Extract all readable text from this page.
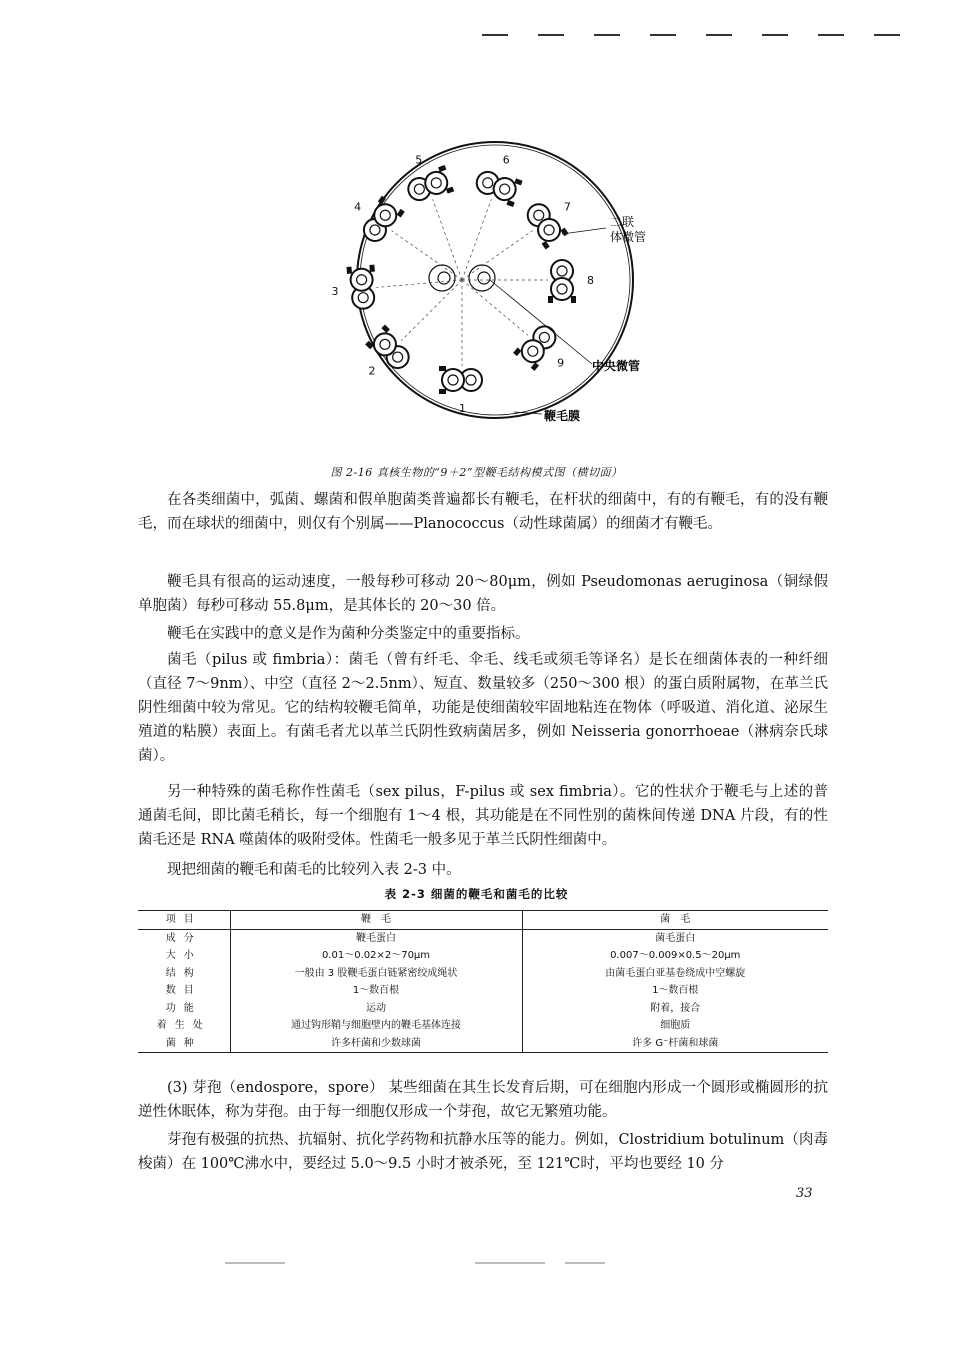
1
2
3
4
5	6
7
8
9
二联体微管
中央微管
鞭毛膜
图 2-16 真核生物的“9＋2”型鞭毛结构模式图（横切面）

在各类细菌中，弧菌、螺菌和假单胞菌类普遍都长有鞭毛，在杆状的细菌中，有的有鞭毛，有的没有鞭毛，而在球状的细菌中，则仅有个别属——Planococcus（动性球菌属）的细菌才有鞭毛。

鞭毛具有很高的运动速度，一般每秒可移动 20～80μm，例如 Pseudomonas aeruginosa（铜绿假单胞菌）每秒可移动 55.8μm，是其体长的 20～30 倍。

鞭毛在实践中的意义是作为菌种分类鉴定中的重要指标。

菌毛（pilus 或 fimbria）：菌毛（曾有纤毛、伞毛、线毛或须毛等译名）是长在细菌体表的一种纤细（直径 7～9nm）、中空（直径 2～2.5nm）、短直、数量较多（250～300 根）的蛋白质附属物，在革兰氏阴性细菌中较为常见。它的结构较鞭毛简单，功能是使细菌较牢固地粘连在物体（呼吸道、消化道、泌尿生殖道的粘膜）表面上。有菌毛者尤以革兰氏阴性致病菌居多，例如 Neisseria gonorrhoeae（淋病奈氏球菌）。

另一种特殊的菌毛称作性菌毛（sex pilus，F-pilus 或 sex fimbria）。它的性状介于鞭毛与上述的普通菌毛间，即比菌毛稍长，每一个细胞有 1～4 根，其功能是在不同性别的菌株间传递 DNA 片段，有的性菌毛还是 RNA 噬菌体的吸附受体。性菌毛一般多见于革兰氏阴性细菌中。

现把细菌的鞭毛和菌毛的比较列入表 2-3 中。

表 2-3 细菌的鞭毛和菌毛的比较
项目	鞭　毛	菌　毛
成分	鞭毛蛋白	菌毛蛋白
大小	0.01～0.02×2～70μm	0.007～0.009×0.5～20μm
结构	一般由 3 股鞭毛蛋白链紧密绞成绳状	由菌毛蛋白亚基卷绕成中空螺旋
数目	1～数百根	1～数百根
功能	运动	附着，接合
着生处	通过钩形鞘与细胞壁内的鞭毛基体连接	细胞质
菌种	许多杆菌和少数球菌	许多 G⁻杆菌和球菌

(3) 芽孢（endospore，spore） 某些细菌在其生长发育后期，可在细胞内形成一个圆形或椭圆形的抗逆性休眠体，称为芽孢。由于每一细胞仅形成一个芽孢，故它无繁殖功能。

芽孢有极强的抗热、抗辐射、抗化学药物和抗静水压等的能力。例如，Clostridium botulinum（肉毒梭菌）在 100℃沸水中，要经过 5.0～9.5 小时才被杀死，至 121℃时，平均也要经 10 分

33
